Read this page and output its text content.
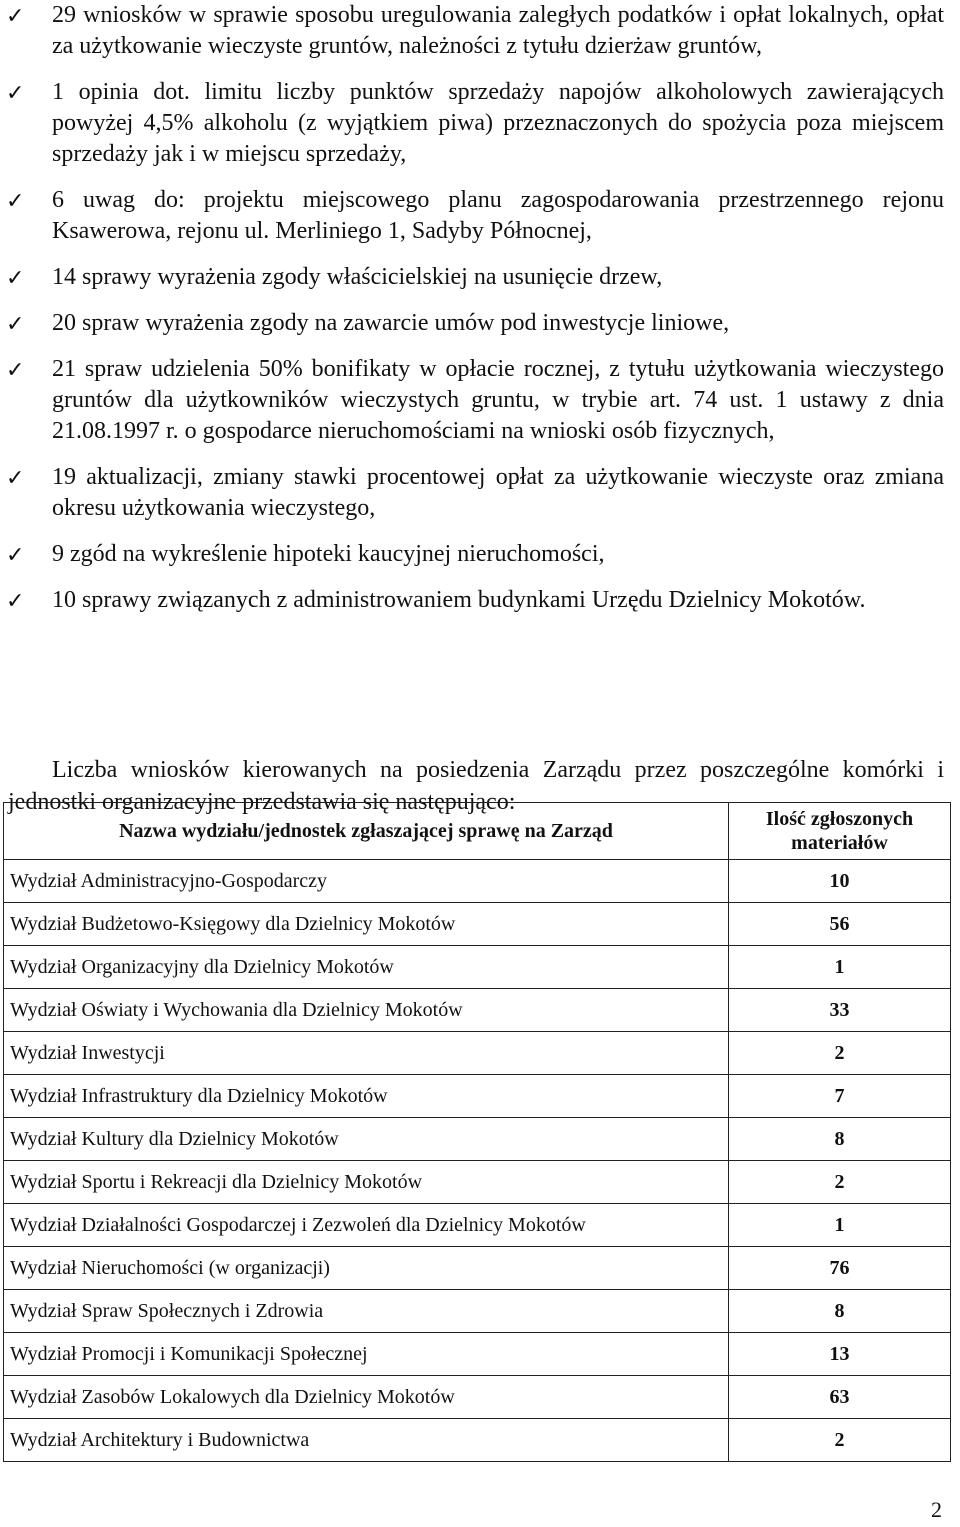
✓ 29 wniosków w sprawie sposobu uregulowania zaległych podatków i opłat lokalnych, opłat za użytkowanie wieczyste gruntów, należności z tytułu dzierżaw gruntów,
✓ 1 opinia dot. limitu liczby punktów sprzedaży napojów alkoholowych zawierających powyżej 4,5% alkoholu (z wyjątkiem piwa) przeznaczonych do spożycia poza miejscem sprzedaży jak i w miejscu sprzedaży,
✓ 6 uwag do: projektu miejscowego planu zagospodarowania przestrzennego rejonu Ksawerowa, rejonu ul. Merliniego 1, Sadyby Północnej,
✓ 14 sprawy wyrażenia zgody właścicielskiej na usunięcie drzew,
✓ 20 spraw wyrażenia zgody na zawarcie umów pod inwestycje liniowe,
✓ 21 spraw udzielenia 50% bonifikaty w opłacie rocznej, z tytułu użytkowania wieczystego gruntów dla użytkowników wieczystych gruntu, w trybie art. 74 ust. 1 ustawy z dnia 21.08.1997 r. o gospodarce nieruchomościami na wnioski osób fizycznych,
✓ 19 aktualizacji, zmiany stawki procentowej opłat za użytkowanie wieczyste oraz zmiana okresu użytkowania wieczystego,
✓ 9 zgód na wykreślenie hipoteki kaucyjnej nieruchomości,
✓ 10 sprawy związanych z administrowaniem budynkami Urzędu Dzielnicy Mokotów.

Liczba wniosków kierowanych na posiedzenia Zarządu przez poszczególne komórki i jednostki organizacyjne przedstawia się następująco:

Nazwa wydziału/jednostek zgłaszającej sprawę na Zarząd	Ilość zgłoszonych materiałów
Wydział Administracyjno-Gospodarczy	10
Wydział Budżetowo-Księgowy dla Dzielnicy Mokotów	56
Wydział Organizacyjny dla Dzielnicy Mokotów	1
Wydział Oświaty i Wychowania dla Dzielnicy Mokotów	33
Wydział Inwestycji	2
Wydział Infrastruktury dla Dzielnicy Mokotów	7
Wydział Kultury dla Dzielnicy Mokotów	8
Wydział Sportu i Rekreacji dla Dzielnicy Mokotów	2
Wydział Działalności Gospodarczej i Zezwoleń dla Dzielnicy Mokotów	1
Wydział Nieruchomości (w organizacji)	76
Wydział Spraw Społecznych i Zdrowia	8
Wydział Promocji i Komunikacji Społecznej	13
Wydział Zasobów Lokalowych dla Dzielnicy Mokotów	63
Wydział Architektury i Budownictwa	2
2
